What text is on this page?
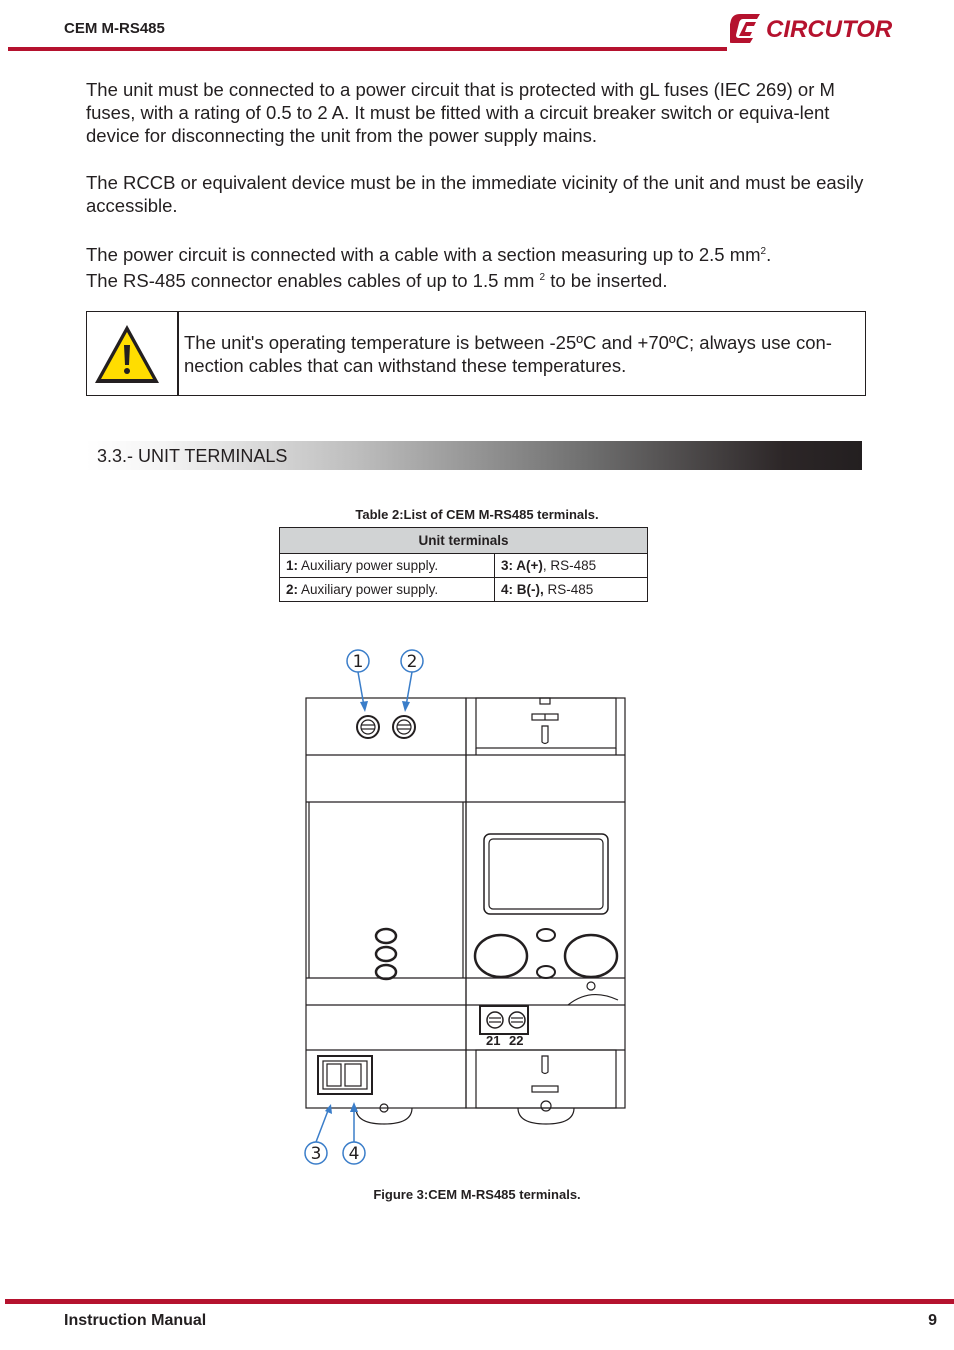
CEM M-RS485	CIRCUTOR

The unit must be connected to a power circuit that is protected with gL fuses (IEC 269) or M fuses, with a rating of 0.5 to 2 A. It must be fitted with a circuit breaker switch or equiva-lent device for disconnecting the unit from the power supply mains.

The RCCB or equivalent device must be in the immediate vicinity of the unit and must be easily accessible.

The power circuit is connected with a cable with a section measuring up to 2.5 $mm^2$.
The RS-485 connector enables cables of up to 1.5 mm $^2$ to be inserted.

The unit's operating temperature is between -25ºC and +70ºC; always use con-nection cables that can withstand these temperatures.

3.3.- UNIT TERMINALS
Table 2:List of CEM M-RS485 terminals.
Unit terminals	
1: Auxiliary power supply.	3: A(+), RS-485
2: Auxiliary power supply.	4: B(-), RS-485
21 22
1	2
3 4
Figure 3:CEM M-RS485 terminals.
Instruction Manual	9
